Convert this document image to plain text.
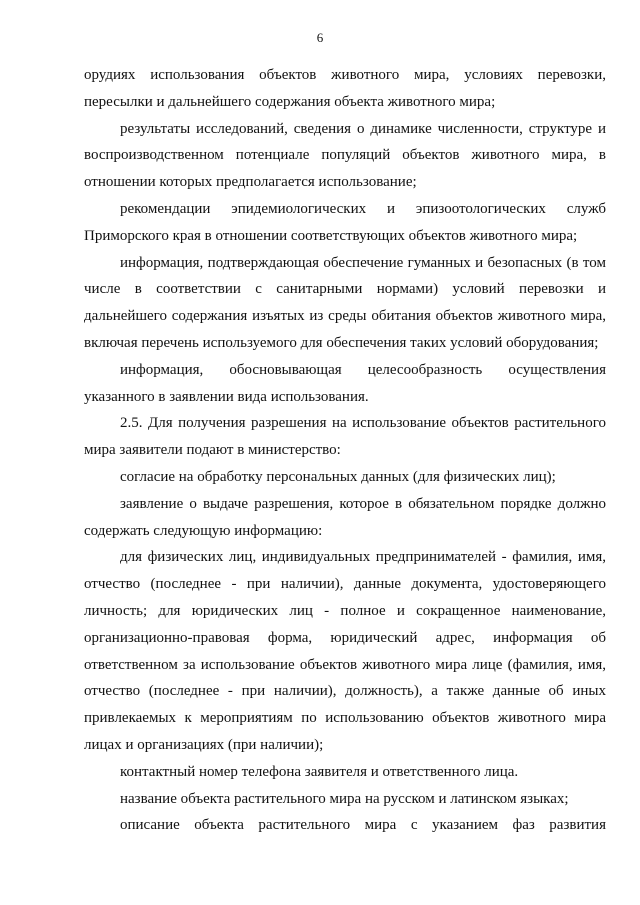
6

орудиях использования объектов животного мира, условиях перевозки, пересылки и дальнейшего содержания объекта животного мира;

результаты исследований, сведения о динамике численности, структуре и воспроизводственном потенциале популяций объектов животного мира, в отношении которых предполагается использование;

рекомендации эпидемиологических и эпизоотологических служб Приморского края в отношении соответствующих объектов животного мира;

информация, подтверждающая обеспечение гуманных и безопасных (в том числе в соответствии с санитарными нормами) условий перевозки и дальнейшего содержания изъятых из среды обитания объектов животного мира, включая перечень используемого для обеспечения таких условий оборудования;

информация, обосновывающая целесообразность осуществления указанного в заявлении вида использования.

2.5. Для получения разрешения на использование объектов растительного мира заявители подают в министерство:

согласие на обработку персональных данных (для физических лиц);

заявление о выдаче разрешения, которое в обязательном порядке должно содержать следующую информацию:

для физических лиц, индивидуальных предпринимателей - фамилия, имя, отчество (последнее - при наличии), данные документа, удостоверяющего личность; для юридических лиц - полное и сокращенное наименование, организационно-правовая форма, юридический адрес, информация об ответственном за использование объектов животного мира лице (фамилия, имя, отчество (последнее - при наличии), должность), а также данные об иных привлекаемых к мероприятиям по использованию объектов животного мира лицах и организациях (при наличии);

контактный номер телефона заявителя и ответственного лица.

название объекта растительного мира на русском и латинском языках;

описание объекта растительного мира с указанием фаз развития
